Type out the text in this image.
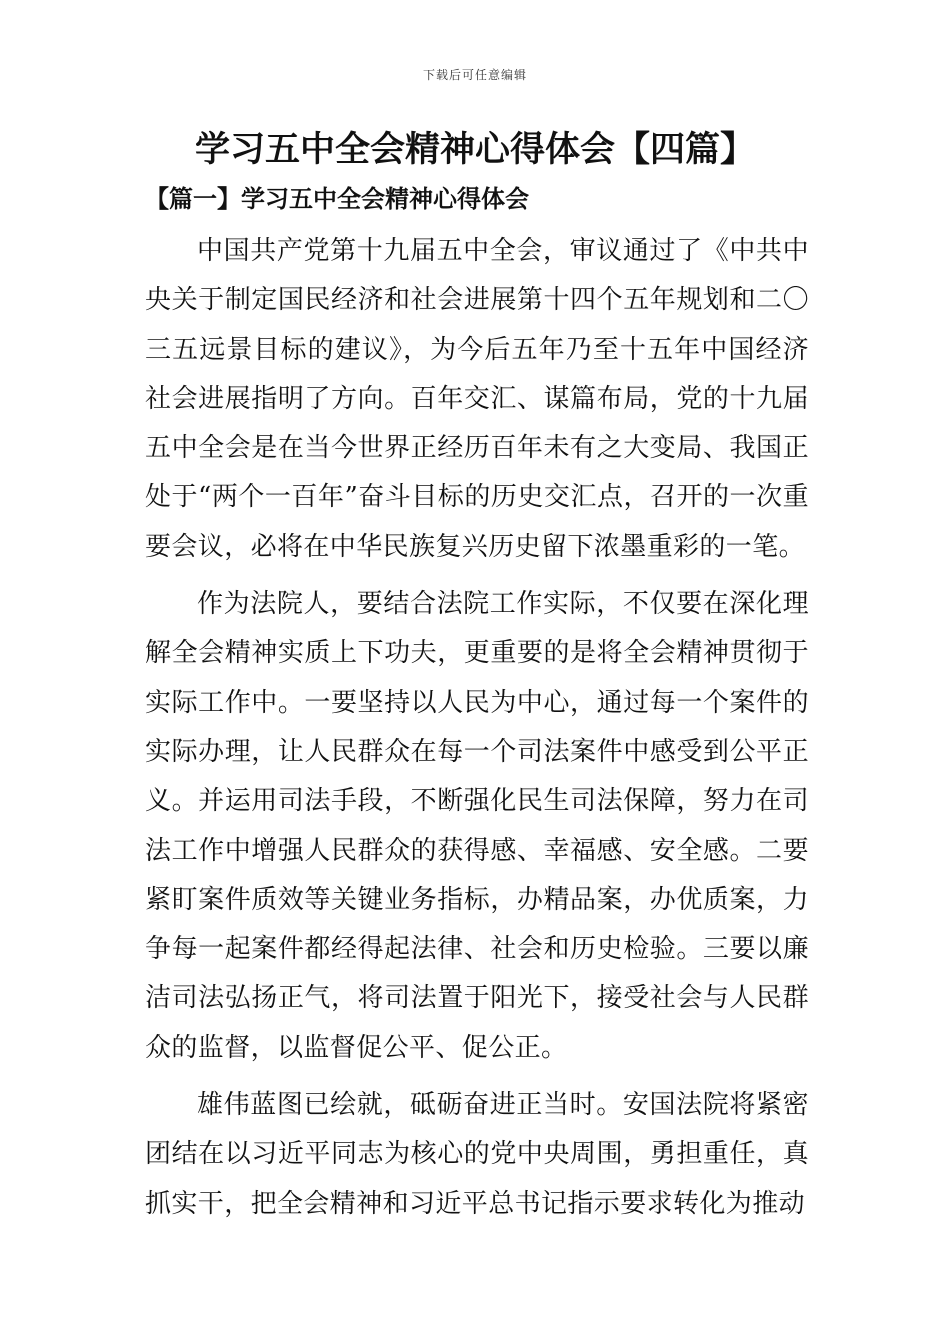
下载后可任意编辑
学习五中全会精神心得体会【四篇】
【篇一】学习五中全会精神心得体会

中国共产党第十九届五中全会，审议通过了《中共中央关于制定国民经济和社会进展第十四个五年规划和二〇三五远景目标的建议》，为今后五年乃至十五年中国经济社会进展指明了方向。百年交汇、谋篇布局，党的十九届五中全会是在当今世界正经历百年未有之大变局、我国正处于“两个一百年”奋斗目标的历史交汇点，召开的一次重要会议，必将在中华民族复兴历史留下浓墨重彩的一笔。

作为法院人，要结合法院工作实际，不仅要在深化理解全会精神实质上下功夫，更重要的是将全会精神贯彻于实际工作中。一要坚持以人民为中心，通过每一个案件的实际办理，让人民群众在每一个司法案件中感受到公平正义。并运用司法手段，不断强化民生司法保障，努力在司法工作中增强人民群众的获得感、幸福感、安全感。二要紧盯案件质效等关键业务指标，办精品案，办优质案，力争每一起案件都经得起法律、社会和历史检验。三要以廉洁司法弘扬正气，将司法置于阳光下，接受社会与人民群众的监督，以监督促公平、促公正。

雄伟蓝图已绘就，砥砺奋进正当时。安国法院将紧密团结在以习近平同志为核心的党中央周围，勇担重任，真抓实干，把全会精神和习近平总书记指示要求转化为推动
